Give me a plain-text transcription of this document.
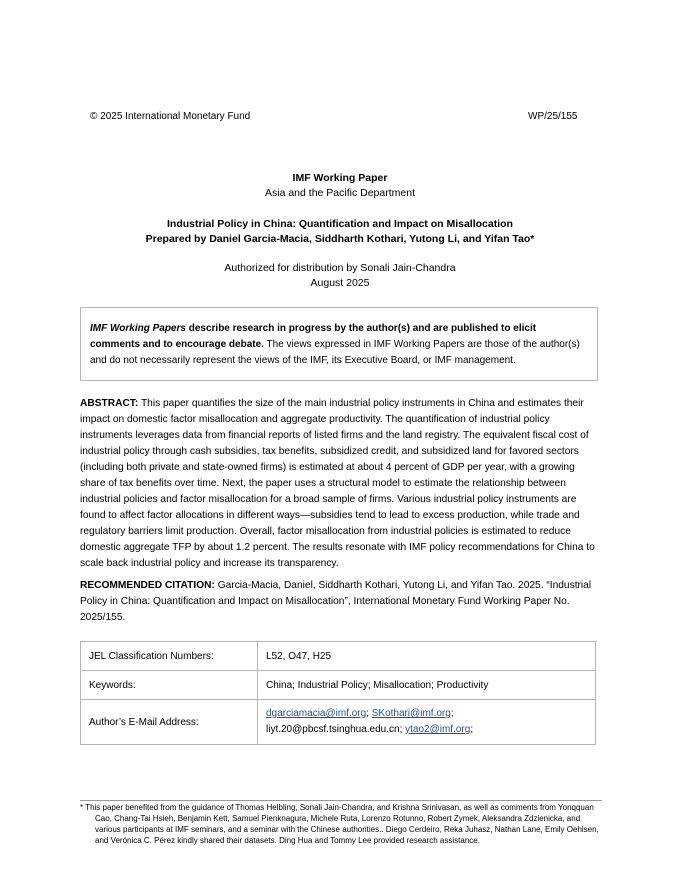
© 2025 International Monetary Fund	WP/25/155
IMF Working Paper
Asia and the Pacific Department
Industrial Policy in China: Quantification and Impact on Misallocation
Prepared by Daniel Garcia-Macia, Siddharth Kothari, Yutong Li, and Yifan Tao*
Authorized for distribution by Sonali Jain-Chandra
August 2025
IMF Working Papers describe research in progress by the author(s) and are published to elicit comments and to encourage debate. The views expressed in IMF Working Papers are those of the author(s) and do not necessarily represent the views of the IMF, its Executive Board, or IMF management.
ABSTRACT: This paper quantifies the size of the main industrial policy instruments in China and estimates their impact on domestic factor misallocation and aggregate productivity. The quantification of industrial policy instruments leverages data from financial reports of listed firms and the land registry. The equivalent fiscal cost of industrial policy through cash subsidies, tax benefits, subsidized credit, and subsidized land for favored sectors (including both private and state-owned firms) is estimated at about 4 percent of GDP per year, with a growing share of tax benefits over time. Next, the paper uses a structural model to estimate the relationship between industrial policies and factor misallocation for a broad sample of firms. Various industrial policy instruments are found to affect factor allocations in different ways—subsidies tend to lead to excess production, while trade and regulatory barriers limit production. Overall, factor misallocation from industrial policies is estimated to reduce domestic aggregate TFP by about 1.2 percent. The results resonate with IMF policy recommendations for China to scale back industrial policy and increase its transparency.
RECOMMENDED CITATION: Garcia-Macia, Daniel, Siddharth Kothari, Yutong Li, and Yifan Tao. 2025. “Industrial Policy in China: Quantification and Impact on Misallocation”, International Monetary Fund Working Paper No. 2025/155.
JEL Classification Numbers:	L52, O47, H25
Keywords:	China; Industrial Policy; Misallocation; Productivity
Author’s E-Mail Address:	dgarciamacia@imf.org; SKothari@imf.org;
liyt.20@pbcsf.tsinghua.edu.cn; ytao2@imf.org;
* This paper benefited from the guidance of Thomas Helbling, Sonali Jain-Chandra, and Krishna Srinivasan, as well as comments from Yonqquan Cao, Chang-Tai Hsieh, Benjamin Kett, Samuel Pienknagura, Michele Ruta, Lorenzo Rotunno, Robert Zymek, Aleksandra Zdzienicka, and various participants at IMF seminars, and a seminar with the Chinese authorities.. Diego Cerdeiro, Reka Juhasz, Nathan Lane, Emily Oehlsen, and Verónica C. Pérez kindly shared their datasets. Ding Hua and Tommy Lee provided research assistance.
